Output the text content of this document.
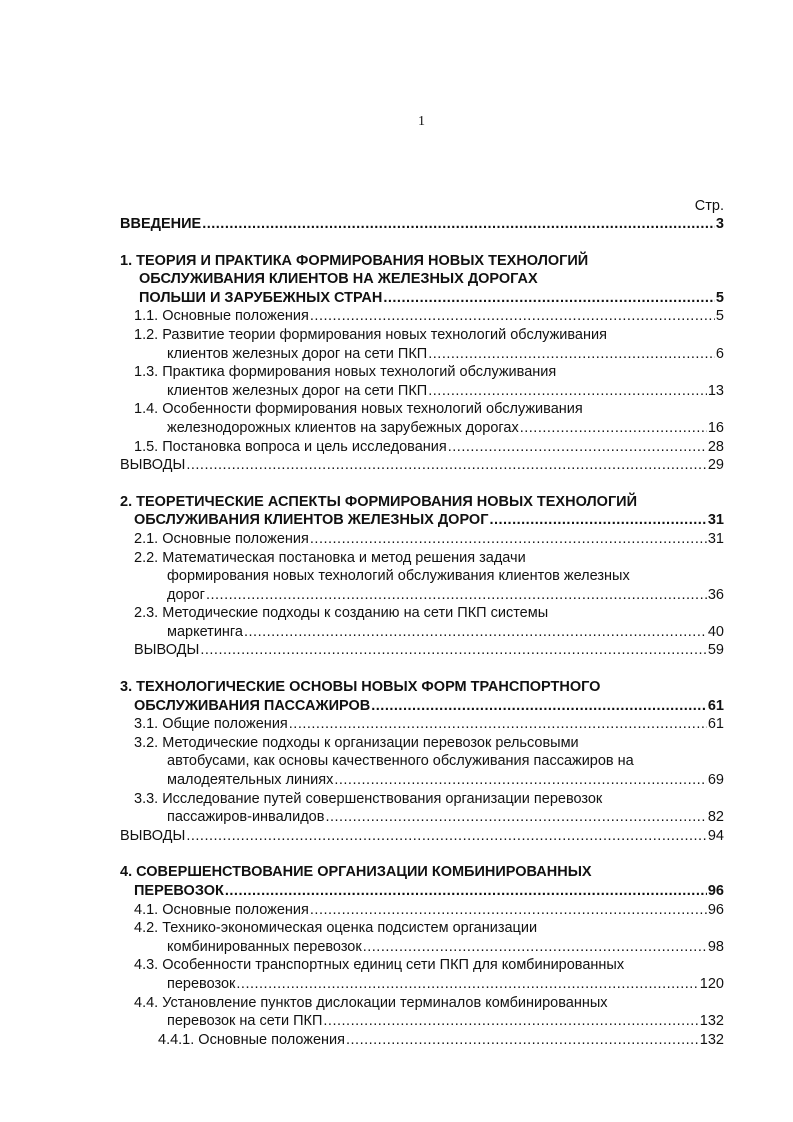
1
Стр.
ВВЕДЕНИЕ .....	3
1. ТЕОРИЯ И ПРАКТИКА ФОРМИРОВАНИЯ НОВЫХ ТЕХНОЛОГИЙ
ОБСЛУЖИВАНИЯ КЛИЕНТОВ НА ЖЕЛЕЗНЫХ ДОРОГАХ
ПОЛЬШИ И ЗАРУБЕЖНЫХ СТРАН .....	5
1.1. Основные положения .....	5
1.2. Развитие теории формирования новых технологий обслуживания
клиентов железных дорог на сети ПКП .....	6
1.3. Практика формирования новых технологий обслуживания
клиентов железных дорог на сети ПКП .....	13
1.4. Особенности формирования новых технологий обслуживания
железнодорожных клиентов на зарубежных дорогах .....	16
1.5. Постановка вопроса и цель исследования .....	28
ВЫВОДЫ .....	29
2. ТЕОРЕТИЧЕСКИЕ АСПЕКТЫ ФОРМИРОВАНИЯ НОВЫХ ТЕХНОЛОГИЙ
ОБСЛУЖИВАНИЯ КЛИЕНТОВ ЖЕЛЕЗНЫХ ДОРОГ .....	31
2.1. Основные положения .....	31
2.2. Математическая постановка и метод решения задачи
формирования новых технологий обслуживания клиентов железных
дорог .....	36
2.3. Методические подходы к созданию на сети ПКП системы
маркетинга .....	40
ВЫВОДЫ .....	59
3. ТЕХНОЛОГИЧЕСКИЕ ОСНОВЫ НОВЫХ ФОРМ ТРАНСПОРТНОГО
ОБСЛУЖИВАНИЯ ПАССАЖИРОВ .....	61
3.1. Общие положения .....	61
3.2. Методические подходы к организации перевозок рельсовыми
автобусами, как основы качественного обслуживания пассажиров на
малодеятельных линиях .....	69
3.3. Исследование путей совершенствования организации перевозок
пассажиров-инвалидов .....	82
ВЫВОДЫ .....	94
4. СОВЕРШЕНСТВОВАНИЕ ОРГАНИЗАЦИИ КОМБИНИРОВАННЫХ
ПЕРЕВОЗОК .....	96
4.1. Основные положения .....	96
4.2. Технико-экономическая оценка подсистем организации
комбинированных перевозок .....	98
4.3. Особенности транспортных единиц сети ПКП для комбинированных
перевозок .....	120
4.4. Установление пунктов дислокации терминалов комбинированных
перевозок на сети ПКП .....	132
4.4.1. Основные положения .....	132
